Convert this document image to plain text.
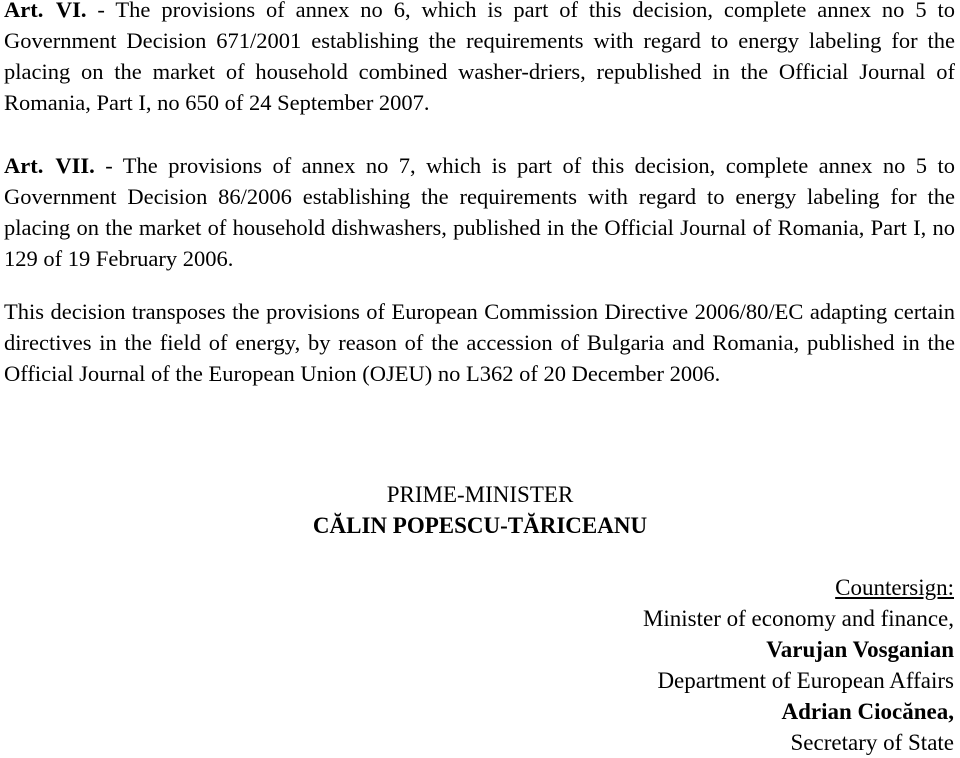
Art. VI. - The provisions of annex no 6, which is part of this decision, complete annex no 5 to Government Decision 671/2001 establishing the requirements with regard to energy labeling for the placing on the market of household combined washer-driers, republished in the Official Journal of Romania, Part I, no 650 of 24 September 2007.

Art. VII. - The provisions of annex no 7, which is part of this decision, complete annex no 5 to Government Decision 86/2006 establishing the requirements with regard to energy labeling for the placing on the market of household dishwashers, published in the Official Journal of Romania, Part I, no 129 of 19 February 2006.

This decision transposes the provisions of European Commission Directive 2006/80/EC adapting certain directives in the field of energy, by reason of the accession of Bulgaria and Romania, published in the Official Journal of the European Union (OJEU) no L362 of 20 December 2006.

PRIME-MINISTER
CĂLIN POPESCU-TĂRICEANU
Countersign:
Minister of economy and finance,
Varujan Vosganian
Department of European Affairs
Adrian Ciocănea,
Secretary of State
